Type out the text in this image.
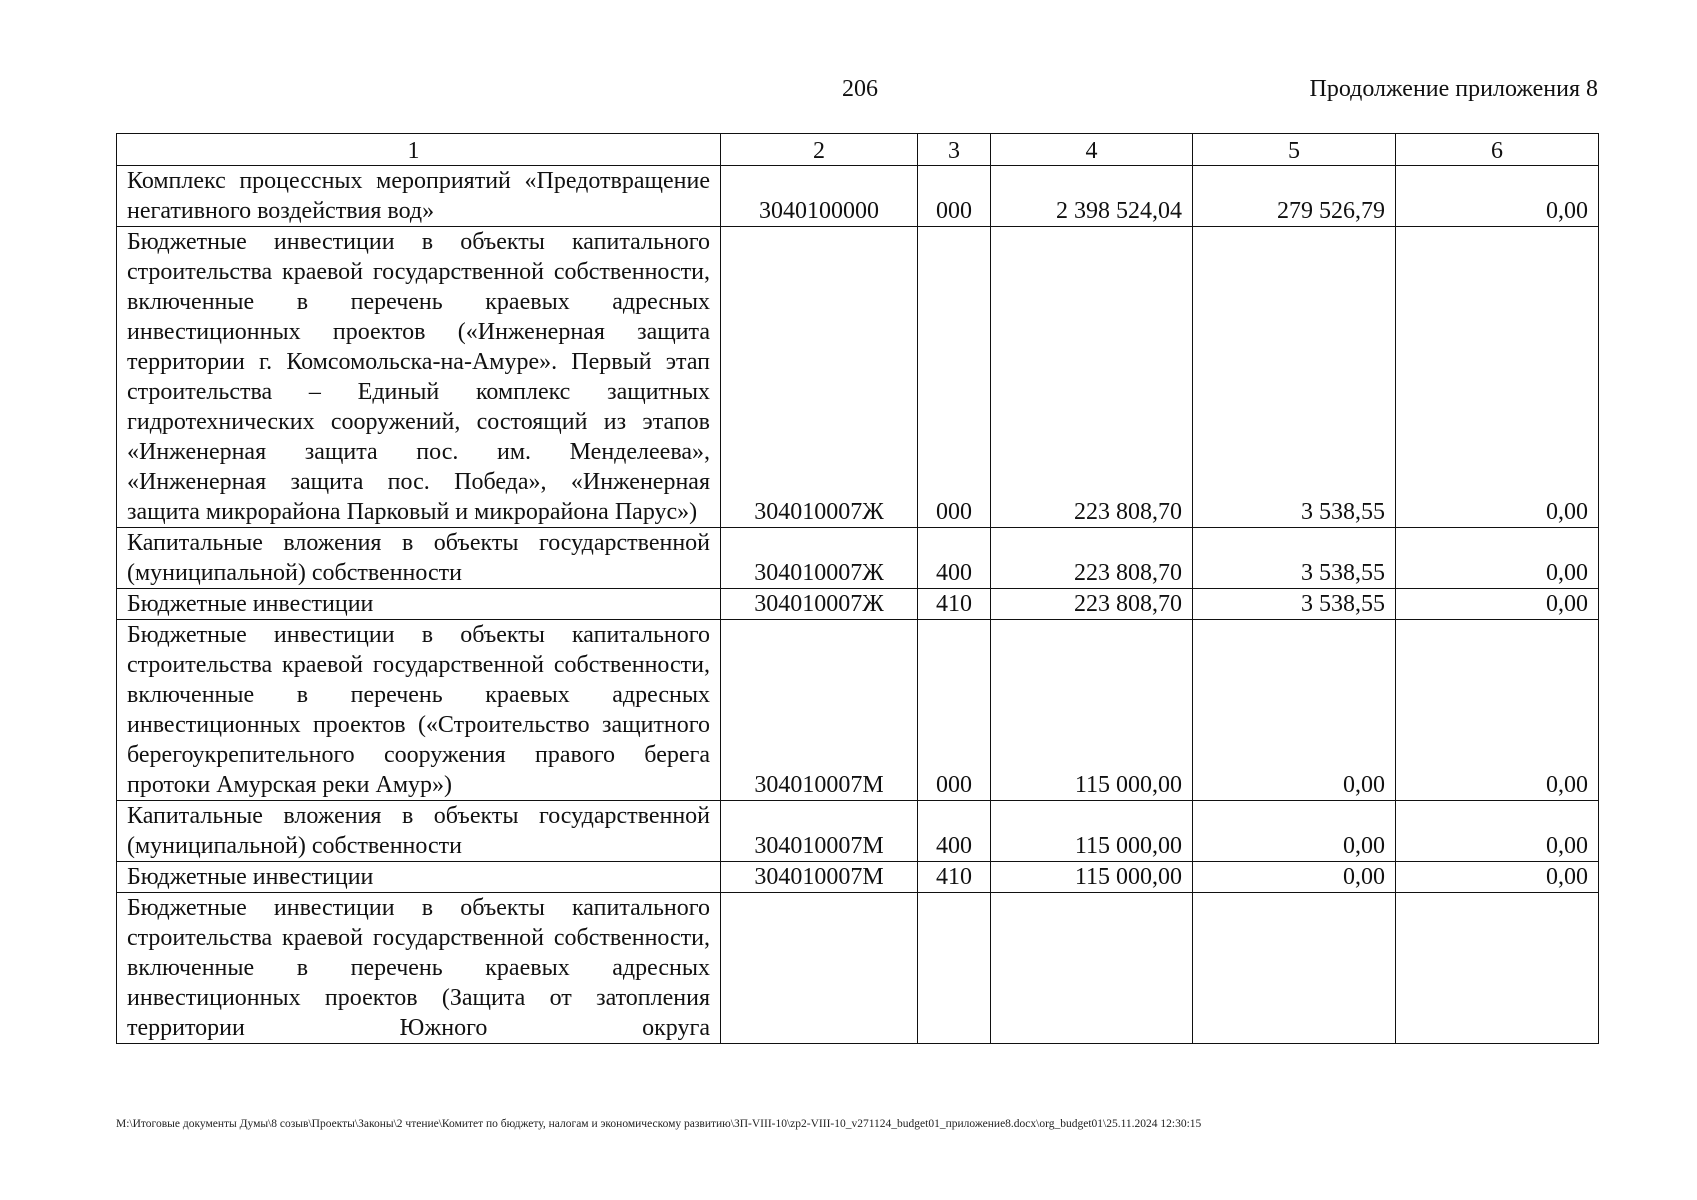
206	Продолжение приложения 8
1	2	3	4	5	6
Комплекс процессных мероприятий «Предотвращение негативного воздействия вод»	3040100000	000	2 398 524,04	279 526,79	0,00
Бюджетные инвестиции в объекты капитального строительства краевой государственной собственности, включенные в перечень краевых адресных инвестиционных проектов («Инженерная защита территории г. Комсомольска-на-Амуре». Первый этап строительства – Единый комплекс защитных гидротехнических сооружений, состоящий из этапов «Инженерная защита пос. им. Менделеева», «Инженерная защита пос. Победа», «Инженерная защита микрорайона Парковый и микрорайона Парус»)	304010007Ж	000	223 808,70	3 538,55	0,00
Капитальные вложения в объекты государственной (муниципальной) собственности	304010007Ж	400	223 808,70	3 538,55	0,00
Бюджетные инвестиции	304010007Ж	410	223 808,70	3 538,55	0,00
Бюджетные инвестиции в объекты капитального строительства краевой государственной собственности, включенные в перечень краевых адресных инвестиционных проектов («Строительство защитного берегоукрепительного сооружения правого берега протоки Амурская реки Амур»)	304010007М	000	115 000,00	0,00	0,00
Капитальные вложения в объекты государственной (муниципальной) собственности	304010007М	400	115 000,00	0,00	0,00
Бюджетные инвестиции	304010007М	410	115 000,00	0,00	0,00
Бюджетные инвестиции в объекты капитального строительства краевой государственной собственности, включенные в перечень краевых адресных инвестиционных проектов (Защита от затопления территории Южного округа					
М:\Итоговые документы Думы\8 созыв\Проекты\Законы\2 чтение\Комитет по бюджету, налогам и экономическому развитию\ЗП-VIII-10\zp2-VIII-10_v271124_budget01_приложение8.docx\org_budget01\25.11.2024 12:30:15
